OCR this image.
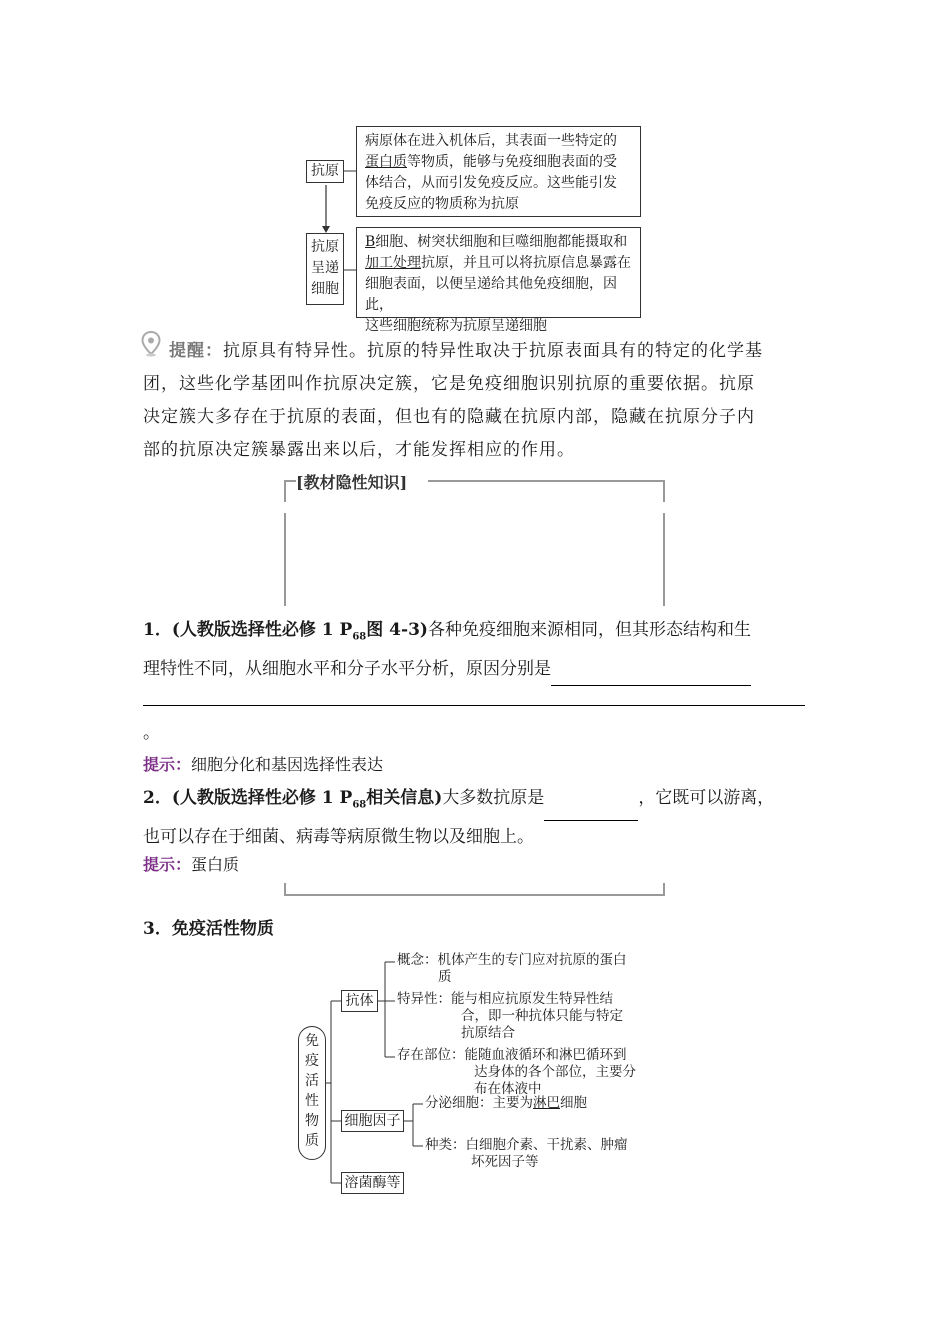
抗原
病原体在进入机体后，其表面一些特定的
蛋白质等物质，能够与免疫细胞表面的受
体结合，从而引发免疫反应。这些能引发
免疫反应的物质称为抗原
抗原
呈递
细胞
B细胞、树突状细胞和巨噬细胞都能摄取和
加工处理抗原，并且可以将抗原信息暴露在
细胞表面，以便呈递给其他免疫细胞，因此，
这些细胞统称为抗原呈递细胞
提醒：抗原具有特异性。抗原的特异性取决于抗原表面具有的特定的化学基
团，这些化学基团叫作抗原决定簇，它是免疫细胞识别抗原的重要依据。抗原
决定簇大多存在于抗原的表面，但也有的隐藏在抗原内部，隐藏在抗原分子内
部的抗原决定簇暴露出来以后，才能发挥相应的作用。
[教材隐性知识]
1．(人教版选择性必修 1 $P_{68}$图 4-3)各种免疫细胞来源相同，但其形态结构和生
理特性不同，从细胞水平和分子水平分析，原因分别是
。
提示：细胞分化和基因选择性表达
2．(人教版选择性必修 1 $P_{68}$相关信息)大多数抗原是	，它既可以游离，
也可以存在于细菌、病毒等病原微生物以及细胞上。
提示：蛋白质
3．免疫活性物质
免
疫
活
性
物
质
抗体
细胞因子
溶菌酶等
概念：机体产生的专门应对抗原的蛋白
质
特异性：能与相应抗原发生特异性结
合，即一种抗体只能与特定
抗原结合
存在部位：能随血液循环和淋巴循环到
达身体的各个部位，主要分
布在体液中
分泌细胞：主要为淋巴细胞
种类：白细胞介素、干扰素、肿瘤
坏死因子等
